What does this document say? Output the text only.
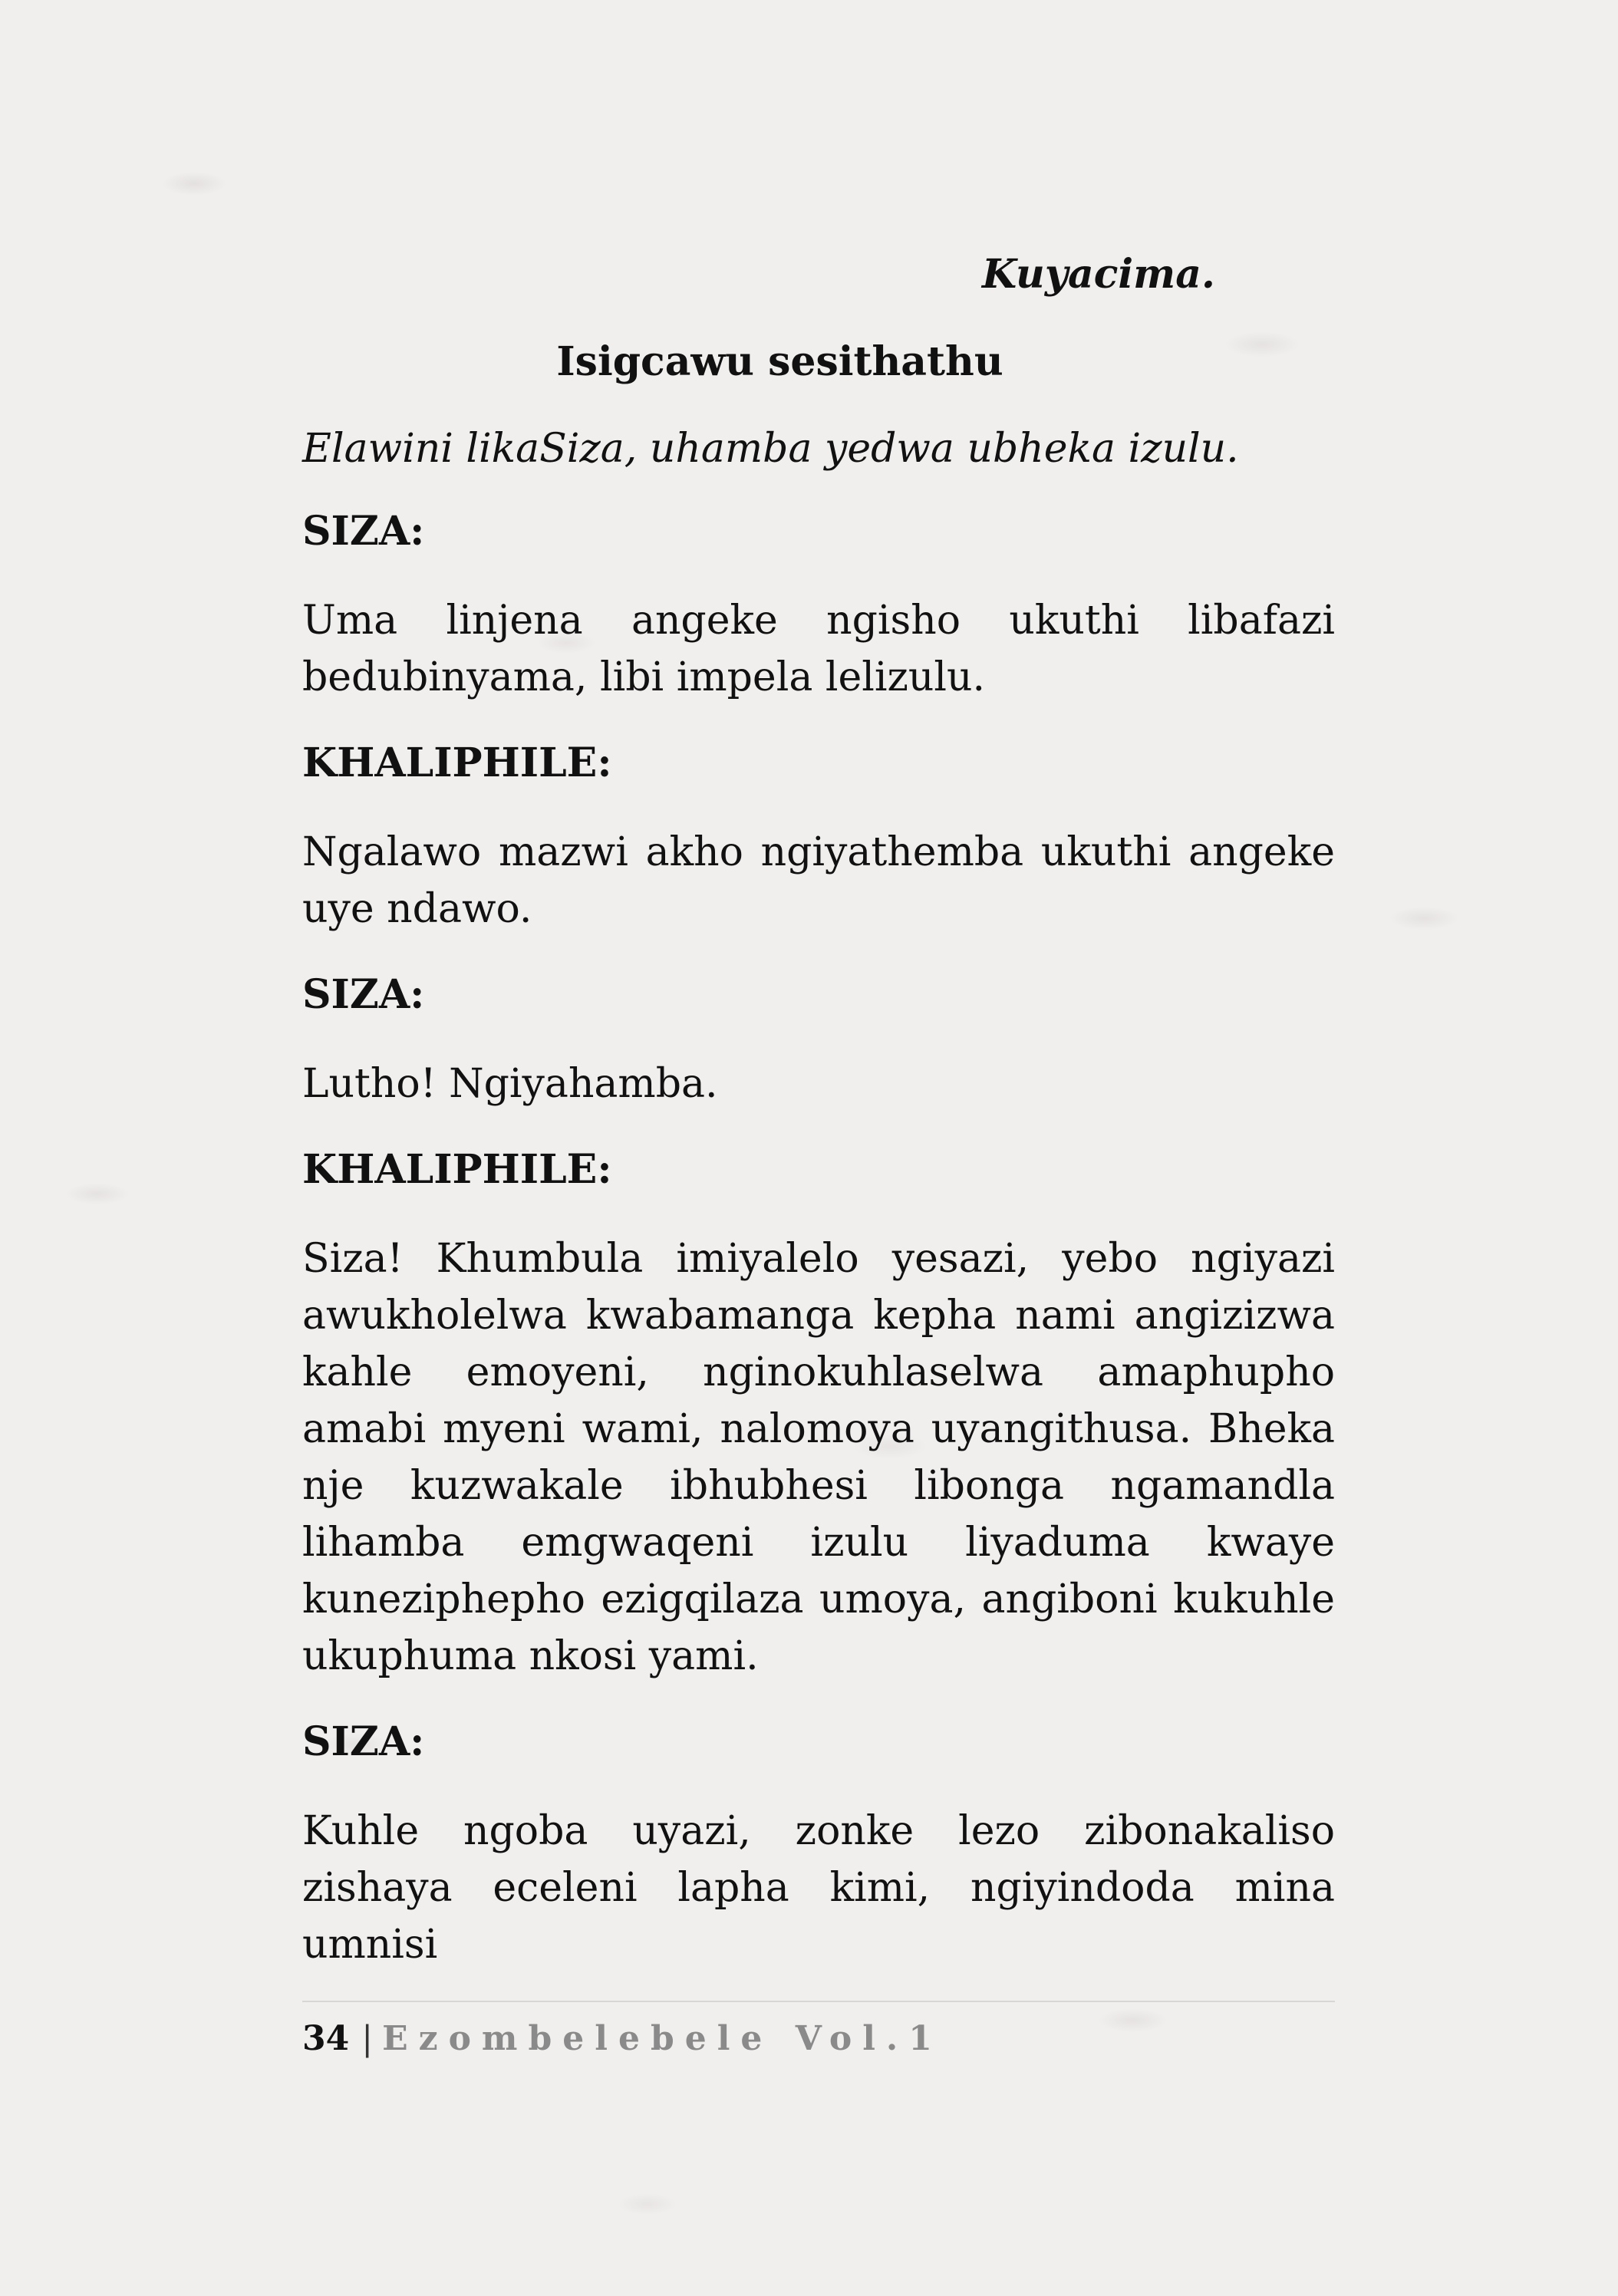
Kuyacima.
Isigcawu sesithathu

Elawini likaSiza, uhamba yedwa ubheka izulu.

SIZA:

Uma linjena angeke ngisho ukuthi libafazi bedubinyama, libi impela lelizulu.

KHALIPHILE:

Ngalawo mazwi akho ngiyathemba ukuthi angeke uye ndawo.

SIZA:

Lutho! Ngiyahamba.

KHALIPHILE:

Siza! Khumbula imiyalelo yesazi, yebo ngiyazi awukholelwa kwabamanga kepha nami angizizwa kahle emoyeni, nginokuhlaselwa amaphupho amabi myeni wami, nalomoya uyangithusa. Bheka nje kuzwakale ibhubhesi libonga ngamandla lihamba emgwaqeni izulu liyaduma kwaye kuneziphepho ezigqilaza umoya, angiboni kukuhle ukuphuma nkosi yami.

SIZA:

Kuhle ngoba uyazi, zonke lezo zibonakaliso zishaya eceleni lapha kimi, ngiyindoda mina umnisi

34 | Ezombelebele Vol.1
